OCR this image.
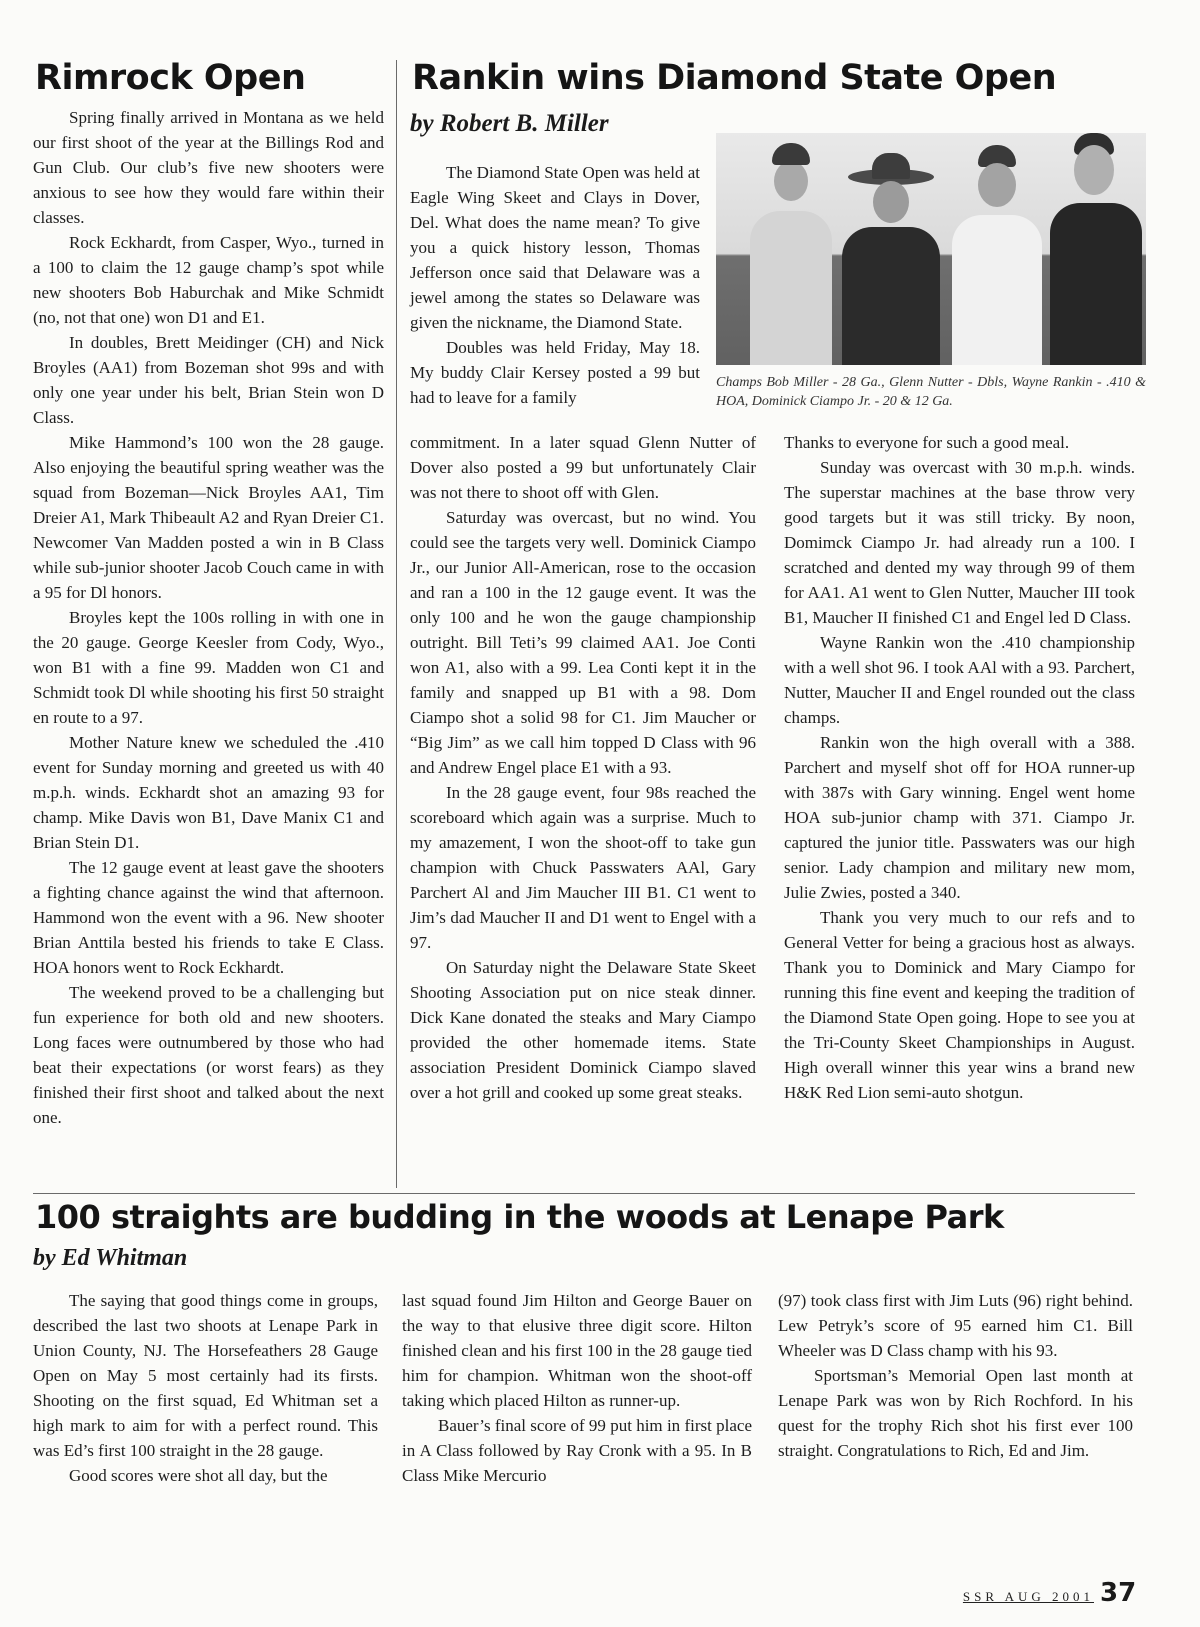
Rimrock Open

Spring finally arrived in Montana as we held our first shoot of the year at the Billings Rod and Gun Club. Our club’s five new shooters were anxious to see how they would fare within their classes.

Rock Eckhardt, from Casper, Wyo., turned in a 100 to claim the 12 gauge champ’s spot while new shooters Bob Haburchak and Mike Schmidt (no, not that one) won D1 and E1.

In doubles, Brett Meidinger (CH) and Nick Broyles (AA1) from Bozeman shot 99s and with only one year under his belt, Brian Stein won D Class.

Mike Hammond’s 100 won the 28 gauge. Also enjoying the beautiful spring weather was the squad from Bozeman—Nick Broyles AA1, Tim Dreier A1, Mark Thibeault A2 and Ryan Dreier C1. Newcomer Van Madden posted a win in B Class while sub-junior shooter Jacob Couch came in with a 95 for Dl honors.

Broyles kept the 100s rolling in with one in the 20 gauge. George Keesler from Cody, Wyo., won B1 with a fine 99. Madden won C1 and Schmidt took Dl while shooting his first 50 straight en route to a 97.

Mother Nature knew we scheduled the .410 event for Sunday morning and greeted us with 40 m.p.h. winds. Eckhardt shot an amazing 93 for champ. Mike Davis won B1, Dave Manix C1 and Brian Stein D1.

The 12 gauge event at least gave the shooters a fighting chance against the wind that afternoon. Hammond won the event with a 96. New shooter Brian Anttila bested his friends to take E Class. HOA honors went to Rock Eckhardt.

The weekend proved to be a challenging but fun experience for both old and new shooters. Long faces were outnumbered by those who had beat their expectations (or worst fears) as they finished their first shoot and talked about the next one.

Rankin wins Diamond State Open

by Robert B. Miller

The Diamond State Open was held at Eagle Wing Skeet and Clays in Dover, Del. What does the name mean? To give you a quick history lesson, Thomas Jefferson once said that Delaware was a jewel among the states so Delaware was given the nickname, the Diamond State.

Doubles was held Friday, May 18. My buddy Clair Kersey posted a 99 but had to leave for a family

Champs Bob Miller - 28 Ga., Glenn Nutter - Dbls, Wayne Rankin - .410 & HOA, Dominick Ciampo Jr. - 20 & 12 Ga.

commitment. In a later squad Glenn Nutter of Dover also posted a 99 but unfortunately Clair was not there to shoot off with Glen.

Saturday was overcast, but no wind. You could see the targets very well. Dominick Ciampo Jr., our Junior All-American, rose to the occasion and ran a 100 in the 12 gauge event. It was the only 100 and he won the gauge championship outright. Bill Teti’s 99 claimed AA1. Joe Conti won A1, also with a 99. Lea Conti kept it in the family and snapped up B1 with a 98. Dom Ciampo shot a solid 98 for C1. Jim Maucher or “Big Jim” as we call him topped D Class with 96 and Andrew Engel place E1 with a 93.

In the 28 gauge event, four 98s reached the scoreboard which again was a surprise. Much to my amazement, I won the shoot-off to take gun champion with Chuck Passwaters AAl, Gary Parchert Al and Jim Maucher III B1. C1 went to Jim’s dad Maucher II and D1 went to Engel with a 97.

On Saturday night the Delaware State Skeet Shooting Association put on nice steak dinner. Dick Kane donated the steaks and Mary Ciampo provided the other homemade items. State association President Dominick Ciampo slaved over a hot grill and cooked up some great steaks.

Thanks to everyone for such a good meal.

Sunday was overcast with 30 m.p.h. winds. The superstar machines at the base throw very good targets but it was still tricky. By noon, Domimck Ciampo Jr. had already run a 100. I scratched and dented my way through 99 of them for AA1. A1 went to Glen Nutter, Maucher III took B1, Maucher II finished C1 and Engel led D Class.

Wayne Rankin won the .410 championship with a well shot 96. I took AAl with a 93. Parchert, Nutter, Maucher II and Engel rounded out the class champs.

Rankin won the high overall with a 388. Parchert and myself shot off for HOA runner-up with 387s with Gary winning. Engel went home HOA sub-junior champ with 371. Ciampo Jr. captured the junior title. Passwaters was our high senior. Lady champion and military new mom, Julie Zwies, posted a 340.

Thank you very much to our refs and to General Vetter for being a gracious host as always. Thank you to Dominick and Mary Ciampo for running this fine event and keeping the tradition of the Diamond State Open going. Hope to see you at the Tri-County Skeet Championships in August. High overall winner this year wins a brand new H&K Red Lion semi-auto shotgun.

100 straights are budding in the woods at Lenape Park

by Ed Whitman

The saying that good things come in groups, described the last two shoots at Lenape Park in Union County, NJ. The Horsefeathers 28 Gauge Open on May 5 most certainly had its firsts. Shooting on the first squad, Ed Whitman set a high mark to aim for with a perfect round. This was Ed’s first 100 straight in the 28 gauge.

Good scores were shot all day, but the

last squad found Jim Hilton and George Bauer on the way to that elusive three digit score. Hilton finished clean and his first 100 in the 28 gauge tied him for champion. Whitman won the shoot-off taking which placed Hilton as runner-up.

Bauer’s final score of 99 put him in first place in A Class followed by Ray Cronk with a 95. In B Class Mike Mercurio

(97) took class first with Jim Luts (96) right behind. Lew Petryk’s score of 95 earned him C1. Bill Wheeler was D Class champ with his 93.

Sportsman’s Memorial Open last month at Lenape Park was won by Rich Rochford. In his quest for the trophy Rich shot his first ever 100 straight. Congratulations to Rich, Ed and Jim.

SSR AUG 2001 37
